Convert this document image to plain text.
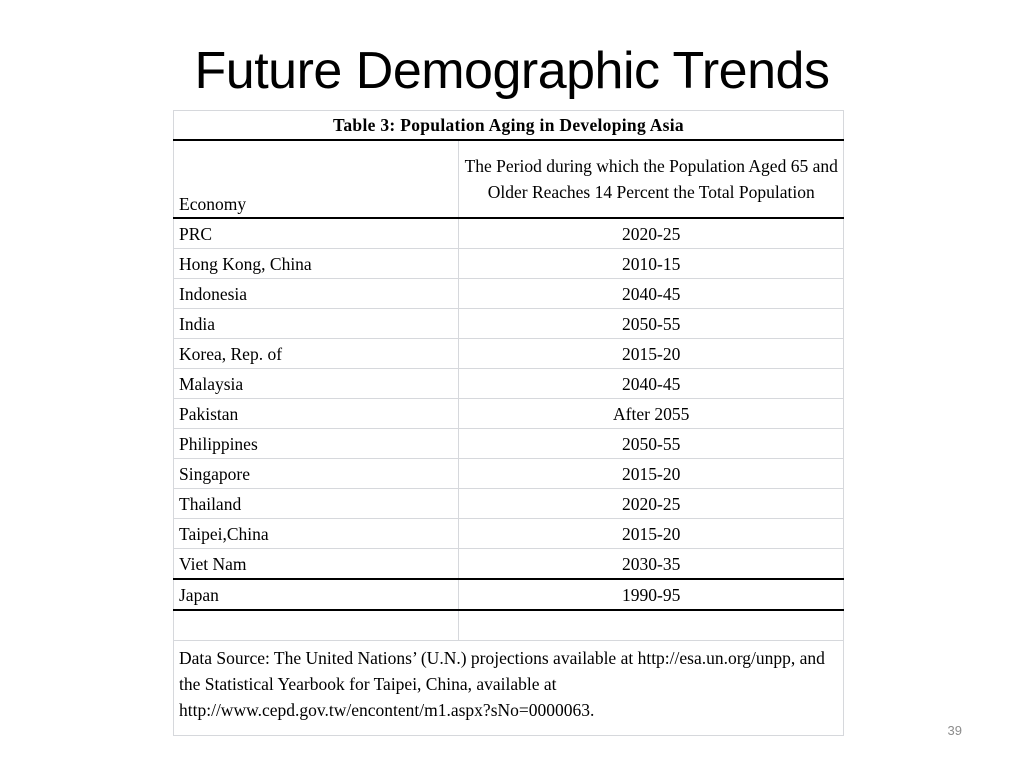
Future Demographic Trends
Table 3: Population Aging in Developing Asia	
Economy	The Period during which the Population Aged 65 and Older Reaches 14 Percent the Total Population
PRC	2020-25
Hong Kong, China	2010-15
Indonesia	2040-45
India	2050-55
Korea, Rep. of	2015-20
Malaysia	2040-45
Pakistan	After 2055
Philippines	2050-55
Singapore	2015-20
Thailand	2020-25
Taipei,China	2015-20
Viet Nam	2030-35
Japan	1990-95

Data Source: The United Nations’ (U.N.) projections available at http://esa.un.org/unpp, and the Statistical Yearbook for Taipei, China, available at http://www.cepd.gov.tw/encontent/m1.aspx?sNo=0000063.	
39
